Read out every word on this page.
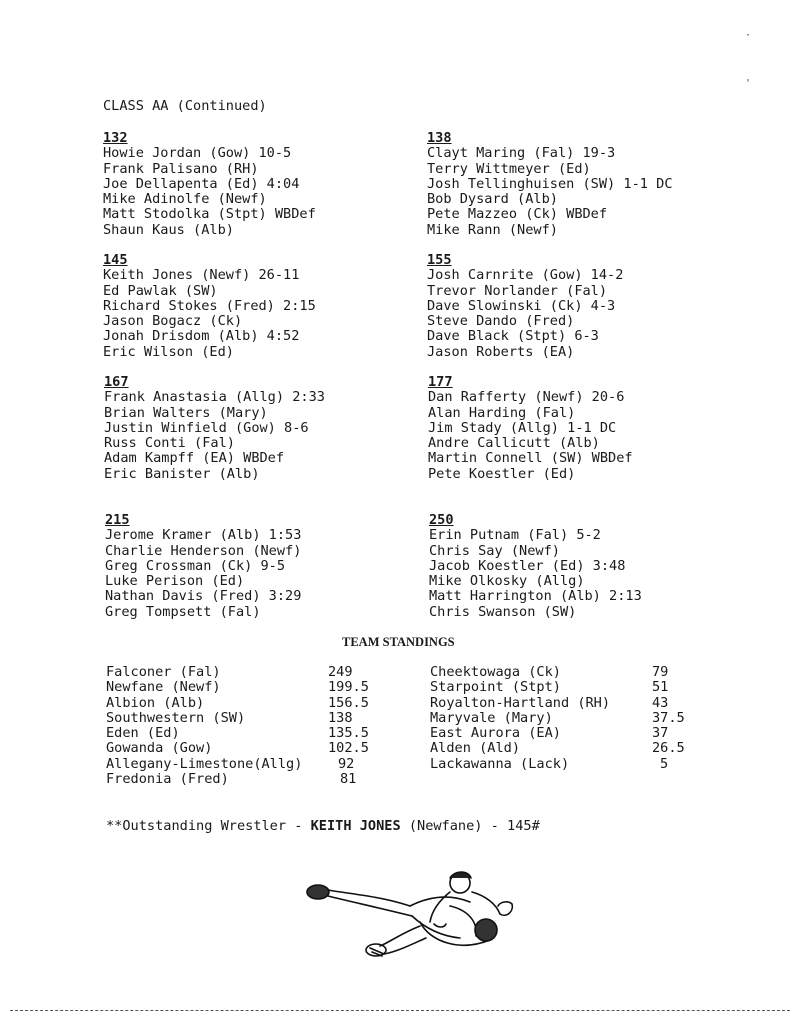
CLASS AA (Continued)
132
Howie Jordan (Gow) 10-5
Frank Palisano (RH)
Joe Dellapenta (Ed) 4:04
Mike Adinolfe (Newf)
Matt Stodolka (Stpt) WBDef
Shaun Kaus (Alb)
138
Clayt Maring (Fal) 19-3
Terry Wittmeyer (Ed)
Josh Tellinghuisen (SW) 1-1 DC
Bob Dysard (Alb)
Pete Mazzeo (Ck) WBDef
Mike Rann (Newf)
145
Keith Jones (Newf) 26-11
Ed Pawlak (SW)
Richard Stokes (Fred) 2:15
Jason Bogacz (Ck)
Jonah Drisdom (Alb) 4:52
Eric Wilson (Ed)
155
Josh Carnrite (Gow) 14-2
Trevor Norlander (Fal)
Dave Slowinski (Ck) 4-3
Steve Dando (Fred)
Dave Black (Stpt) 6-3
Jason Roberts (EA)
167
Frank Anastasia (Allg) 2:33
Brian Walters (Mary)
Justin Winfield (Gow) 8-6
Russ Conti (Fal)
Adam Kampff (EA) WBDef
Eric Banister (Alb)
177
Dan Rafferty (Newf) 20-6
Alan Harding (Fal)
Jim Stady (Allg) 1-1 DC
Andre Callicutt (Alb)
Martin Connell (SW) WBDef
Pete Koestler (Ed)
215
Jerome Kramer (Alb) 1:53
Charlie Henderson (Newf)
Greg Crossman (Ck) 9-5
Luke Perison (Ed)
Nathan Davis (Fred) 3:29
Greg Tompsett (Fal)
250
Erin Putnam (Fal) 5-2
Chris Say (Newf)
Jacob Koestler (Ed) 3:48
Mike Olkosky (Allg)
Matt Harrington (Alb) 2:13
Chris Swanson (SW)
TEAM STANDINGS
Falconer (Fal)	249
Newfane (Newf)	199.5
Albion (Alb)	156.5
Southwestern (SW)	138
Eden (Ed)	135.5
Gowanda (Gow)	102.5
Allegany-Limestone(Allg)	92
Fredonia (Fred)	81
Cheektowaga (Ck)	79
Starpoint (Stpt)	51
Royalton-Hartland (RH)	43
Maryvale (Mary)	37.5
East Aurora (EA)	37
Alden (Ald)	26.5
Lackawanna (Lack)	5
**Outstanding Wrestler - KEITH JONES (Newfane) - 145#
·
'
